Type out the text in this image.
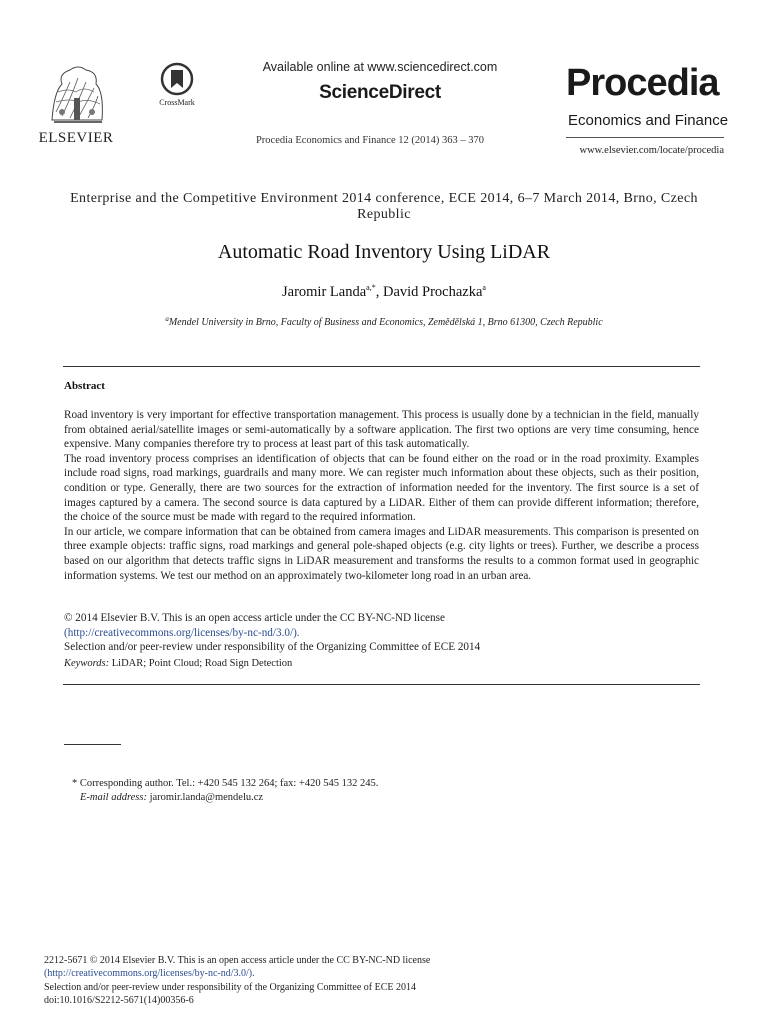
ELSEVIER
CrossMark
Available online at www.sciencedirect.com
ScienceDirect
Procedia Economics and Finance 12 (2014) 363 – 370
Procedia
Economics and Finance
www.elsevier.com/locate/procedia
Enterprise and the Competitive Environment 2014 conference, ECE 2014, 6–7 March 2014, Brno, Czech Republic
Automatic Road Inventory Using LiDAR
Jaromir Landa$^{a,*}$, David Prochazka$^a$
$^a$Mendel University in Brno, Faculty of Business and Economics, Zemědělská 1, Brno 61300, Czech Republic
Abstract

Road inventory is very important for effective transportation management. This process is usually done by a technician in the field, manually from obtained aerial/satellite images or semi-automatically by a software application. The first two options are very time consuming, hence expensive. Many companies therefore try to process at least part of this task automatically.

The road inventory process comprises an identification of objects that can be found either on the road or in the road proximity. Examples include road signs, road markings, guardrails and many more. We can register much information about these objects, such as their position, condition or type. Generally, there are two sources for the extraction of information needed for the inventory. The first source is a set of images captured by a camera. The second source is data captured by a LiDAR. Either of them can provide different information; therefore, the choice of the source must be made with regard to the required information.

In our article, we compare information that can be obtained from camera images and LiDAR measurements. This comparison is presented on three example objects: traffic signs, road markings and general pole-shaped objects (e.g. city lights or trees). Further, we describe a process based on our algorithm that detects traffic signs in LiDAR measurement and transforms the results to a common format used in geographic information systems. We test our method on an approximately two-kilometer long road in an urban area.

© 2014 Elsevier B.V. This is an open access article under the CC BY-NC-ND license

(http://creativecommons.org/licenses/by-nc-nd/3.0/).

Selection and/or peer-review under responsibility of the Organizing Committee of ECE 2014

Keywords: LiDAR; Point Cloud; Road Sign Detection

* Corresponding author. Tel.: +420 545 132 264; fax: +420 545 132 245.

E-mail address: jaromir.landa@mendelu.cz

2212-5671 © 2014 Elsevier B.V. This is an open access article under the CC BY-NC-ND license

(http://creativecommons.org/licenses/by-nc-nd/3.0/).

Selection and/or peer-review under responsibility of the Organizing Committee of ECE 2014

doi:10.1016/S2212-5671(14)00356-6
